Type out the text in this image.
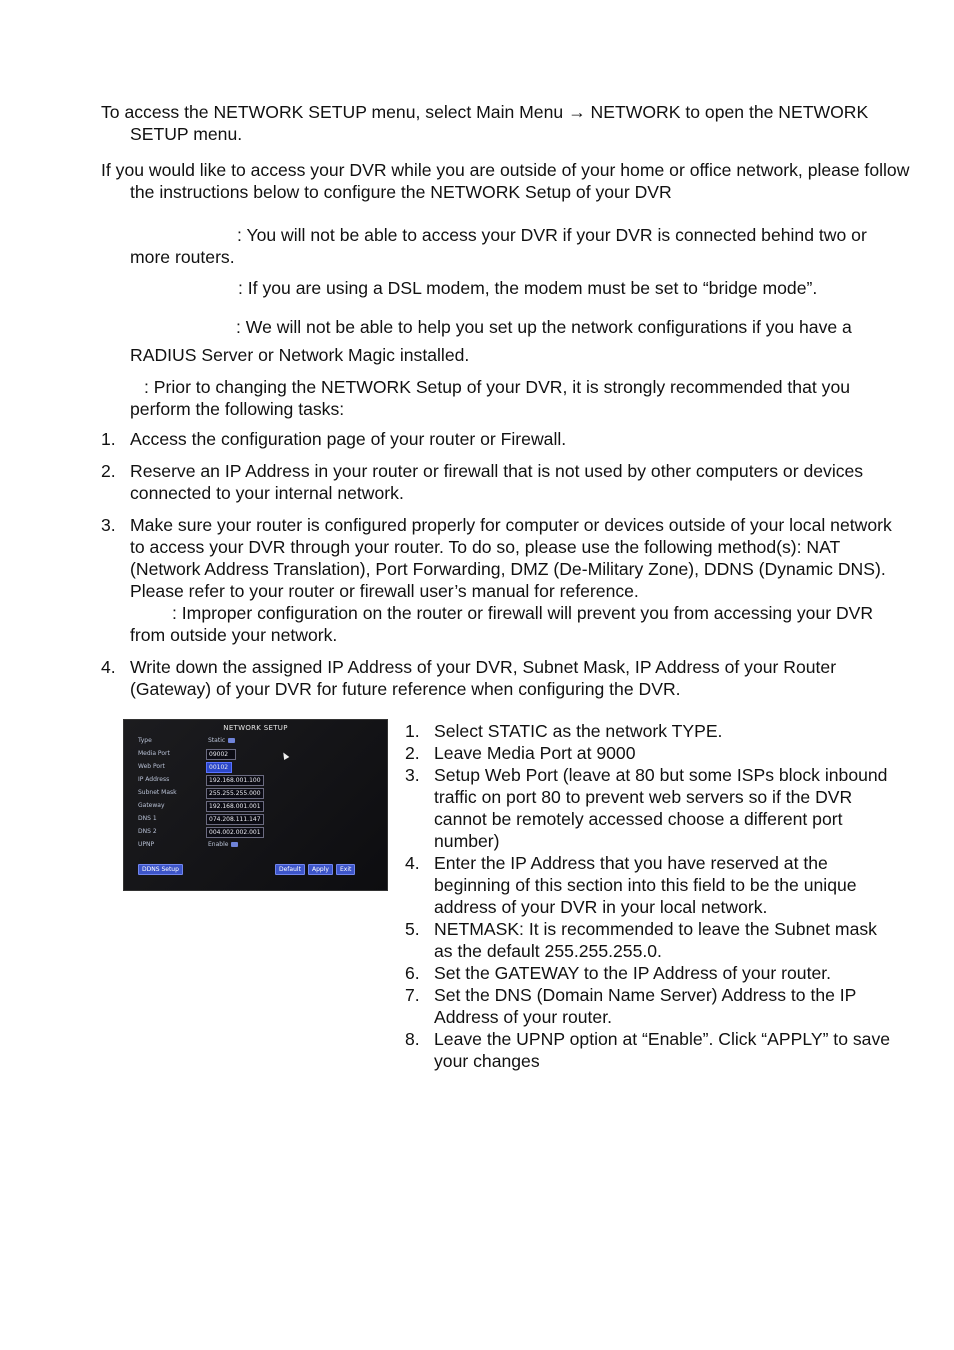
To access the NETWORK SETUP menu, select Main Menu → NETWORK to open the NETWORK SETUP menu.

If you would like to access your DVR while you are outside of your home or office network, please follow the instructions below to configure the NETWORK Setup of your DVR

: You will not be able to access your DVR if your DVR is connected behind two or more routers.

: If you are using a DSL modem, the modem must be set to “bridge mode”.

: We will not be able to help you set up the network configurations if you have a RADIUS Server or Network Magic installed.

: Prior to changing the NETWORK Setup of your DVR, it is strongly recommended that you perform the following tasks:

1. Access the configuration page of your router or Firewall.
2. Reserve an IP Address in your router or firewall that is not used by other computers or devices connected to your internal network.
3. Make sure your router is configured properly for computer or devices outside of your local network to access your DVR through your router. To do so, please use the following method(s): NAT (Network Address Translation), Port Forwarding, DMZ (De-Military Zone), DDNS (Dynamic DNS). Please refer to your router or firewall user’s manual for reference.
: Improper configuration on the router or firewall will prevent you from accessing your DVR from outside your network.
4. Write down the assigned IP Address of your DVR, Subnet Mask, IP Address of your Router (Gateway) of your DVR for future reference when configuring the DVR.
NETWORK SETUP
Type	Static
Media Port	09002
Web Port	00102
IP Address	192.168.001.100
Subnet Mask	255.255.255.000
Gateway	192.168.001.001
DNS 1	074.208.111.147
DNS 2	004.002.002.001
UPNP	Enable
DDNS Setup	Default	Apply	Exit
1. Select STATIC as the network TYPE.
2. Leave Media Port at 9000
3. Setup Web Port (leave at 80 but some ISPs block inbound traffic on port 80 to prevent web servers so if the DVR cannot be remotely accessed choose a different port number)
4. Enter the IP Address that you have reserved at the beginning of this section into this field to be the unique address of your DVR in your local network.
5. NETMASK: It is recommended to leave the Subnet mask as the default 255.255.255.0.
6. Set the GATEWAY to the IP Address of your router.
7. Set the DNS (Domain Name Server) Address to the IP Address of your router.
8. Leave the UPNP option at “Enable”. Click “APPLY” to save your changes
